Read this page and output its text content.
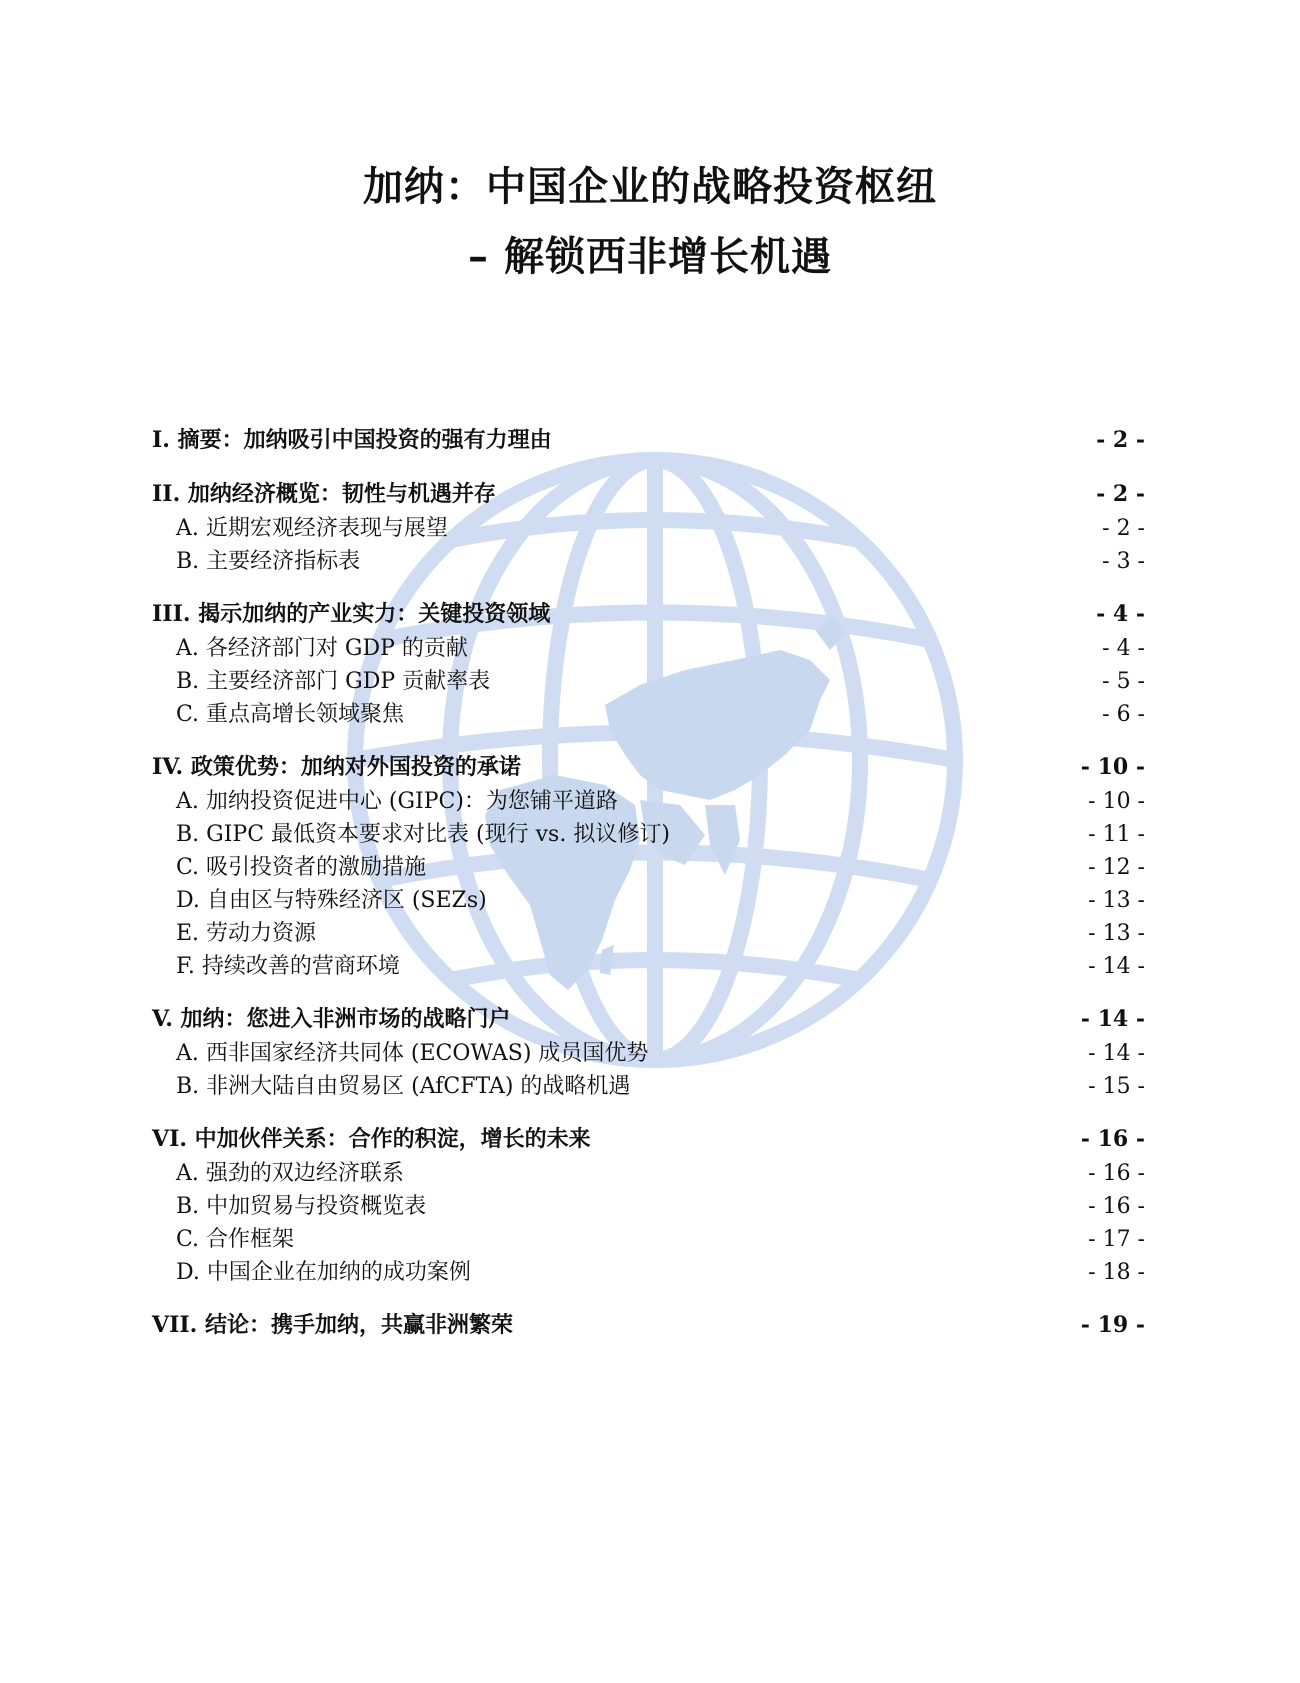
加纳：中国企业的战略投资枢纽
– 解锁西非增长机遇
I. 摘要：加纳吸引中国投资的强有力理由	- 2 -
II. 加纳经济概览：韧性与机遇并存	- 2 -
A. 近期宏观经济表现与展望	- 2 -
B. 主要经济指标表	- 3 -
III. 揭示加纳的产业实力：关键投资领域	- 4 -
A. 各经济部门对 GDP 的贡献	- 4 -
B. 主要经济部门 GDP 贡献率表	- 5 -
C. 重点高增长领域聚焦	- 6 -
IV. 政策优势：加纳对外国投资的承诺	- 10 -
A. 加纳投资促进中心 (GIPC)：为您铺平道路	- 10 -
B. GIPC 最低资本要求对比表 (现行 vs. 拟议修订)	- 11 -
C. 吸引投资者的激励措施	- 12 -
D. 自由区与特殊经济区 (SEZs)	- 13 -
E. 劳动力资源	- 13 -
F. 持续改善的营商环境	- 14 -
V. 加纳：您进入非洲市场的战略门户	- 14 -
A. 西非国家经济共同体 (ECOWAS) 成员国优势	- 14 -
B. 非洲大陆自由贸易区 (AfCFTA) 的战略机遇	- 15 -
VI. 中加伙伴关系：合作的积淀，增长的未来	- 16 -
A. 强劲的双边经济联系	- 16 -
B. 中加贸易与投资概览表	- 16 -
C. 合作框架	- 17 -
D. 中国企业在加纳的成功案例	- 18 -
VII. 结论：携手加纳，共赢非洲繁荣	- 19 -
